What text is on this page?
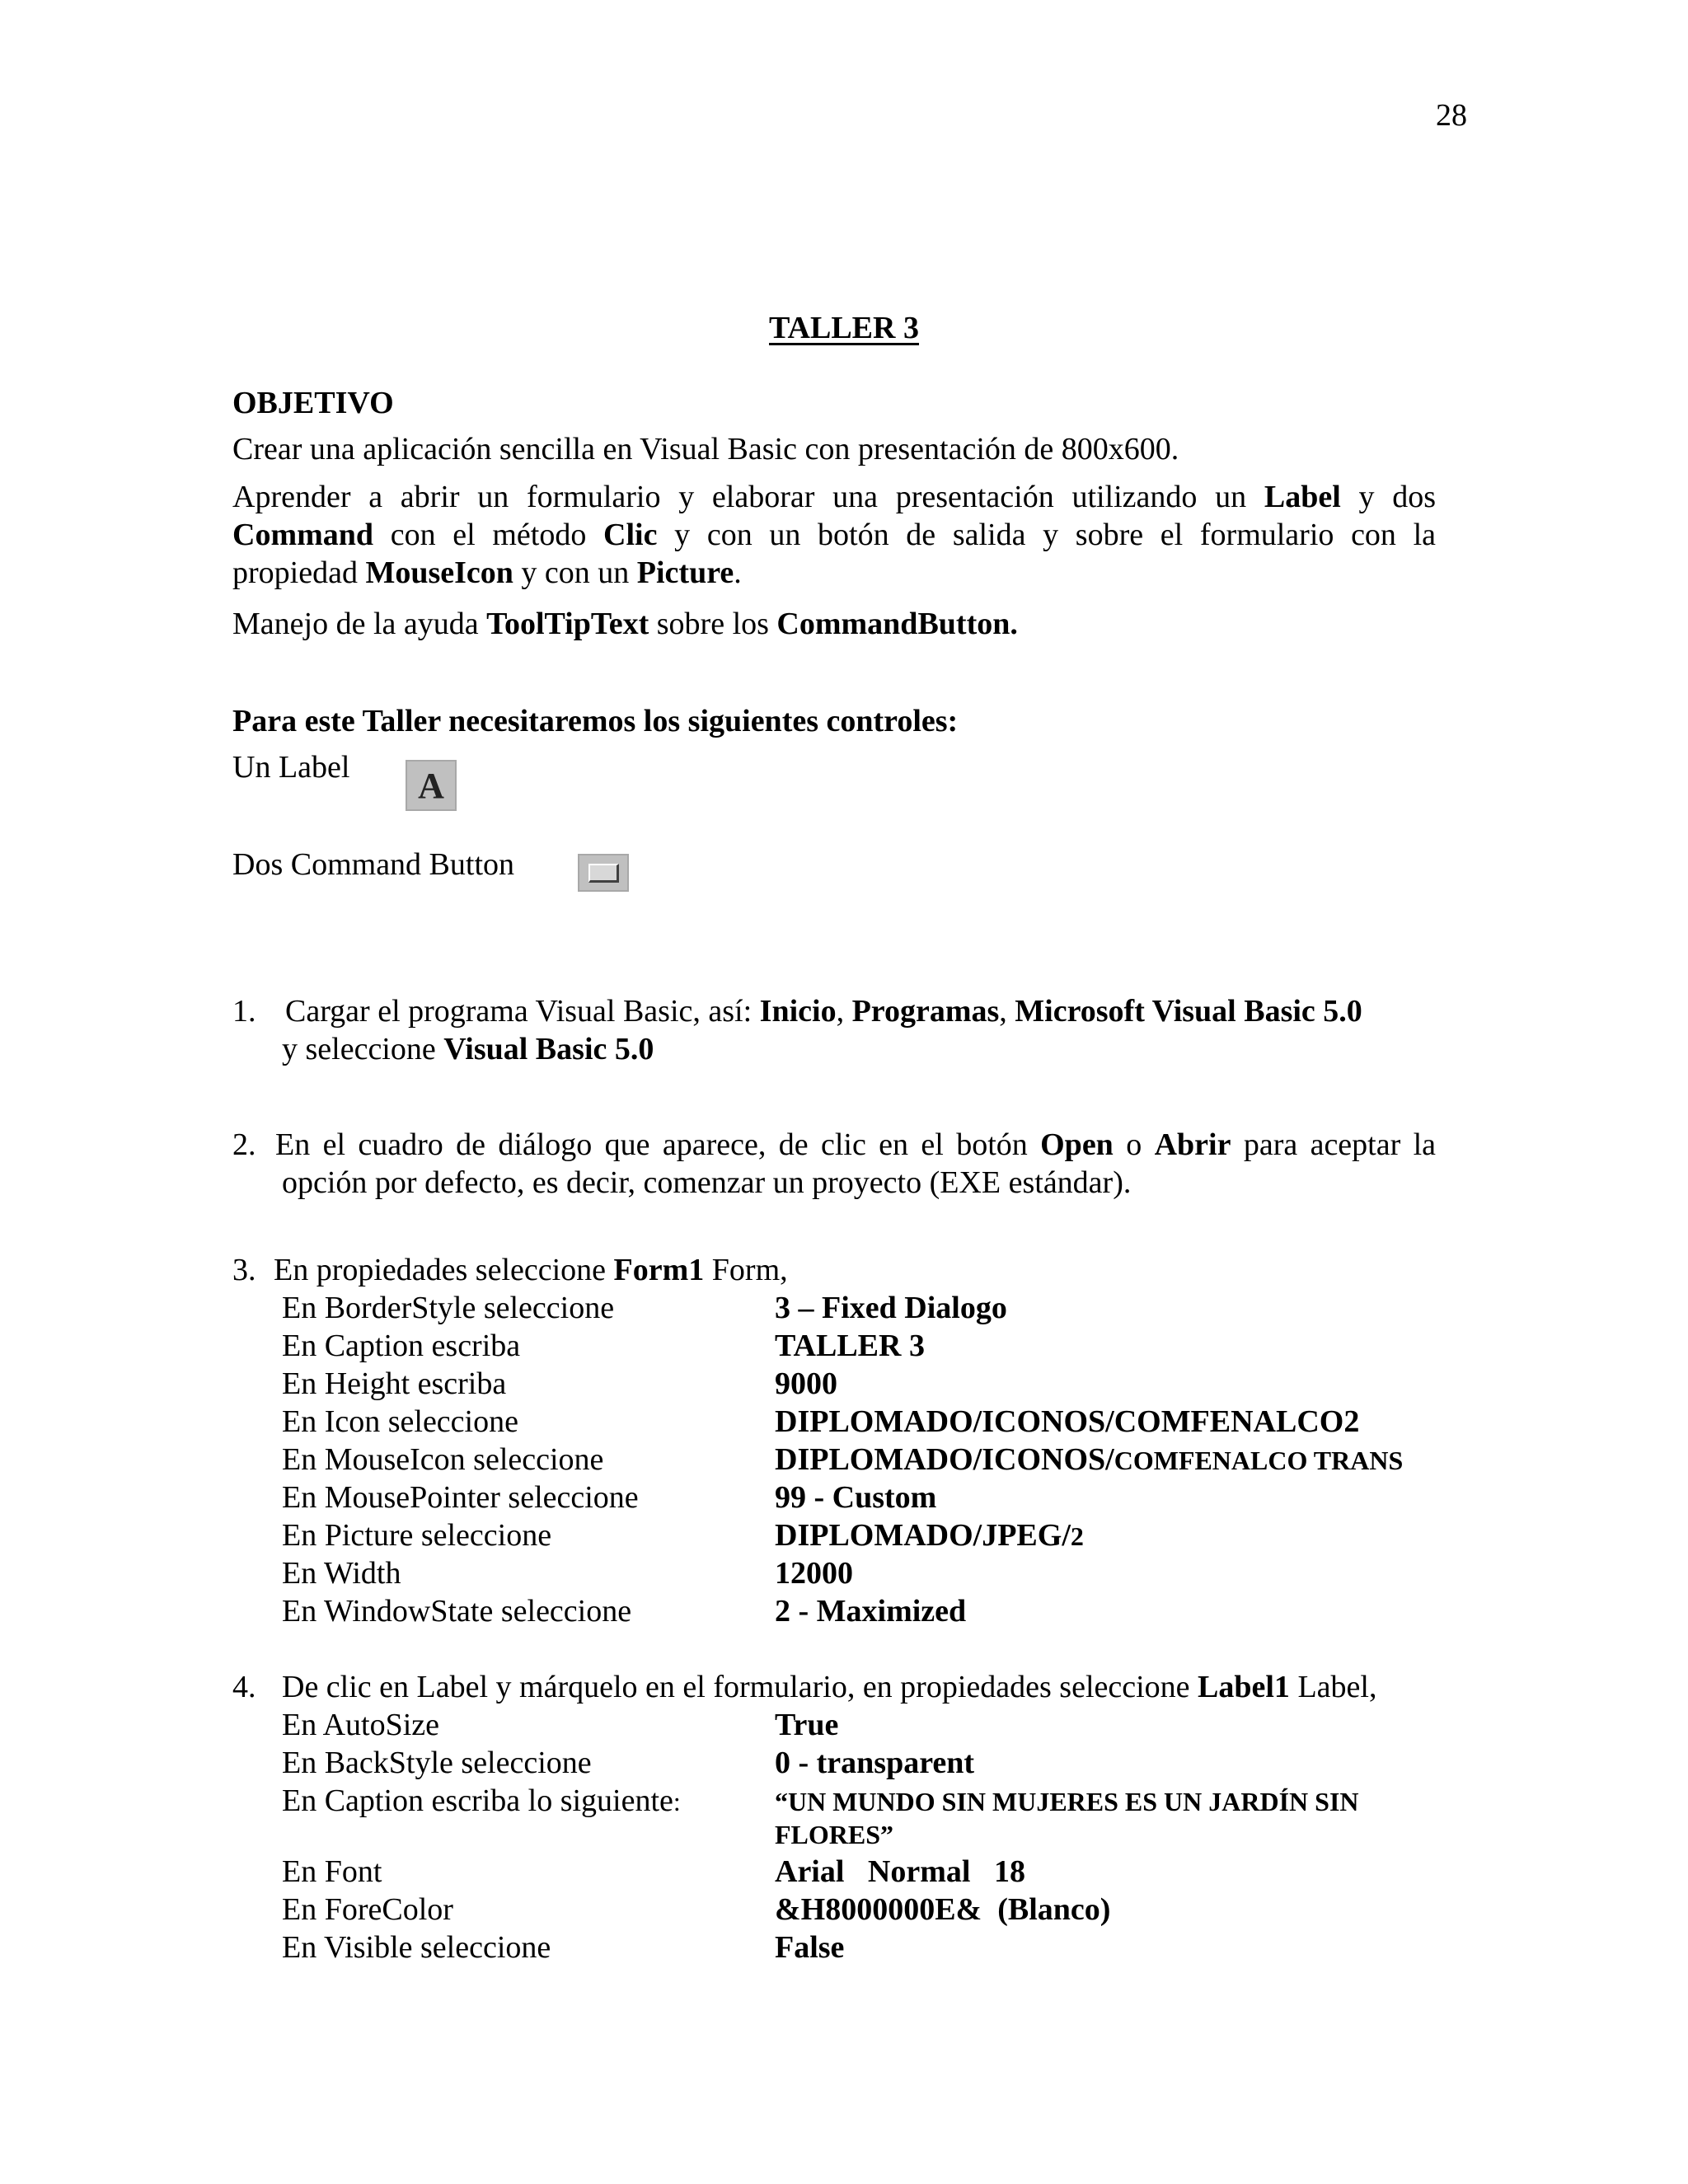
28
TALLER 3
OBJETIVO
Crear una aplicación sencilla en Visual Basic con presentación de 800x600.
Aprender a abrir un formulario y elaborar una presentación utilizando un Label y dos
Command con el método Clic y con un botón de salida y sobre el formulario con la
propiedad MouseIcon y con un Picture.
Manejo de la ayuda ToolTipText sobre los CommandButton.
Para este Taller necesitaremos los siguientes controles:
Un Label	A
Dos Command Button
1. Cargar el programa Visual Basic, así: Inicio, Programas, Microsoft Visual Basic 5.0
y seleccione Visual Basic 5.0
2. En el cuadro de diálogo que aparece, de clic en el botón Open o Abrir para aceptar la
opción por defecto, es decir, comenzar un proyecto (EXE estándar).
3. En propiedades seleccione Form1 Form,
En BorderStyle seleccione	3 – Fixed Dialogo
En Caption escriba	TALLER 3
En Height escriba	9000
En Icon seleccione	DIPLOMADO/ICONOS/COMFENALCO2
En MouseIcon seleccione	DIPLOMADO/ICONOS/COMFENALCO TRANS
En MousePointer seleccione	99 - Custom
En Picture seleccione	DIPLOMADO/JPEG/2
En Width	12000
En WindowState seleccione	2 - Maximized
4. De clic en Label y márquelo en el formulario, en propiedades seleccione Label1 Label,
En AutoSize	True
En BackStyle seleccione	0 - transparent
En Caption escriba lo siguiente:	“UN MUNDO SIN MUJERES ES UN JARDÍN SIN
FLORES”
En Font	Arial   Normal   18
En ForeColor	&H8000000E&  (Blanco)
En Visible seleccione	False
